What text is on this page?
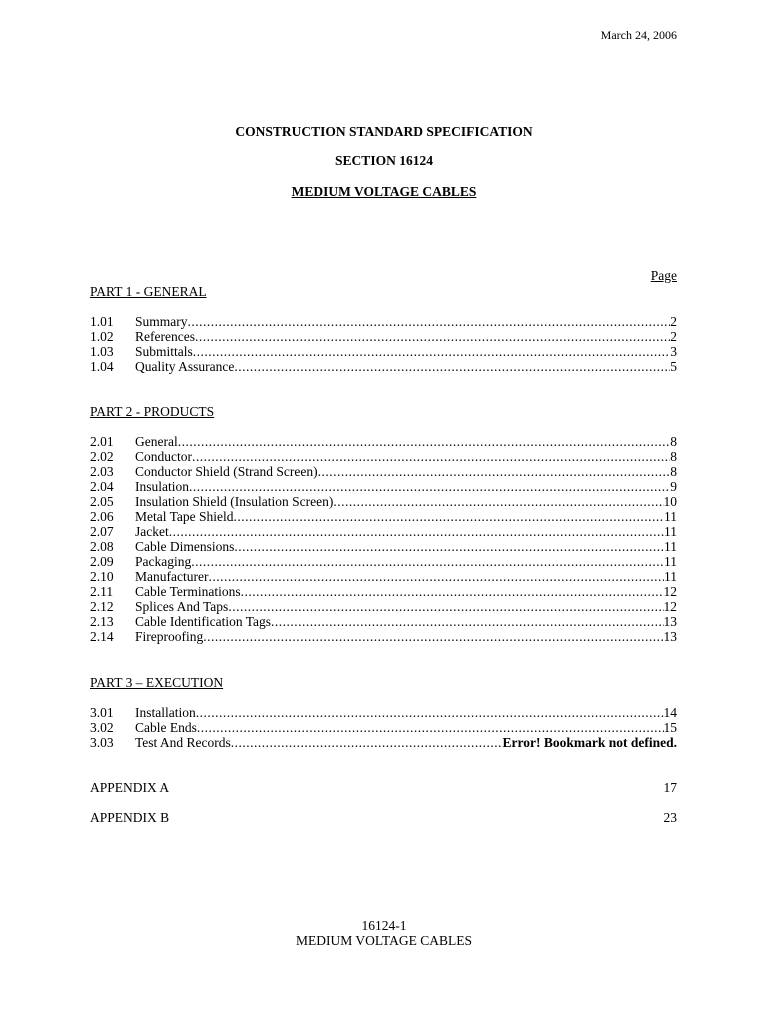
March 24, 2006
CONSTRUCTION STANDARD SPECIFICATION
SECTION 16124
MEDIUM VOLTAGE CABLES
Page
PART 1 - GENERAL
1.01	Summary .....	2
1.02	References .....	2
1.03	Submittals .....	3
1.04	Quality Assurance .....	5
PART 2 - PRODUCTS
2.01	General .....	8
2.02	Conductor .....	8
2.03	Conductor Shield (Strand Screen) .....	8
2.04	Insulation .....	9
2.05	Insulation Shield (Insulation Screen) .....	10
2.06	Metal Tape Shield .....	11
2.07	Jacket .....	11
2.08	Cable Dimensions .....	11
2.09	Packaging .....	11
2.10	Manufacturer .....	11
2.11	Cable Terminations .....	12
2.12	Splices And Taps .....	12
2.13	Cable Identification Tags .....	13
2.14	Fireproofing .....	13
PART 3 – EXECUTION
3.01	Installation .....	14
3.02	Cable Ends .....	15
3.03	Test And Records .....	Error! Bookmark not defined.
APPENDIX A	17
APPENDIX B	23
16124-1
MEDIUM VOLTAGE CABLES
